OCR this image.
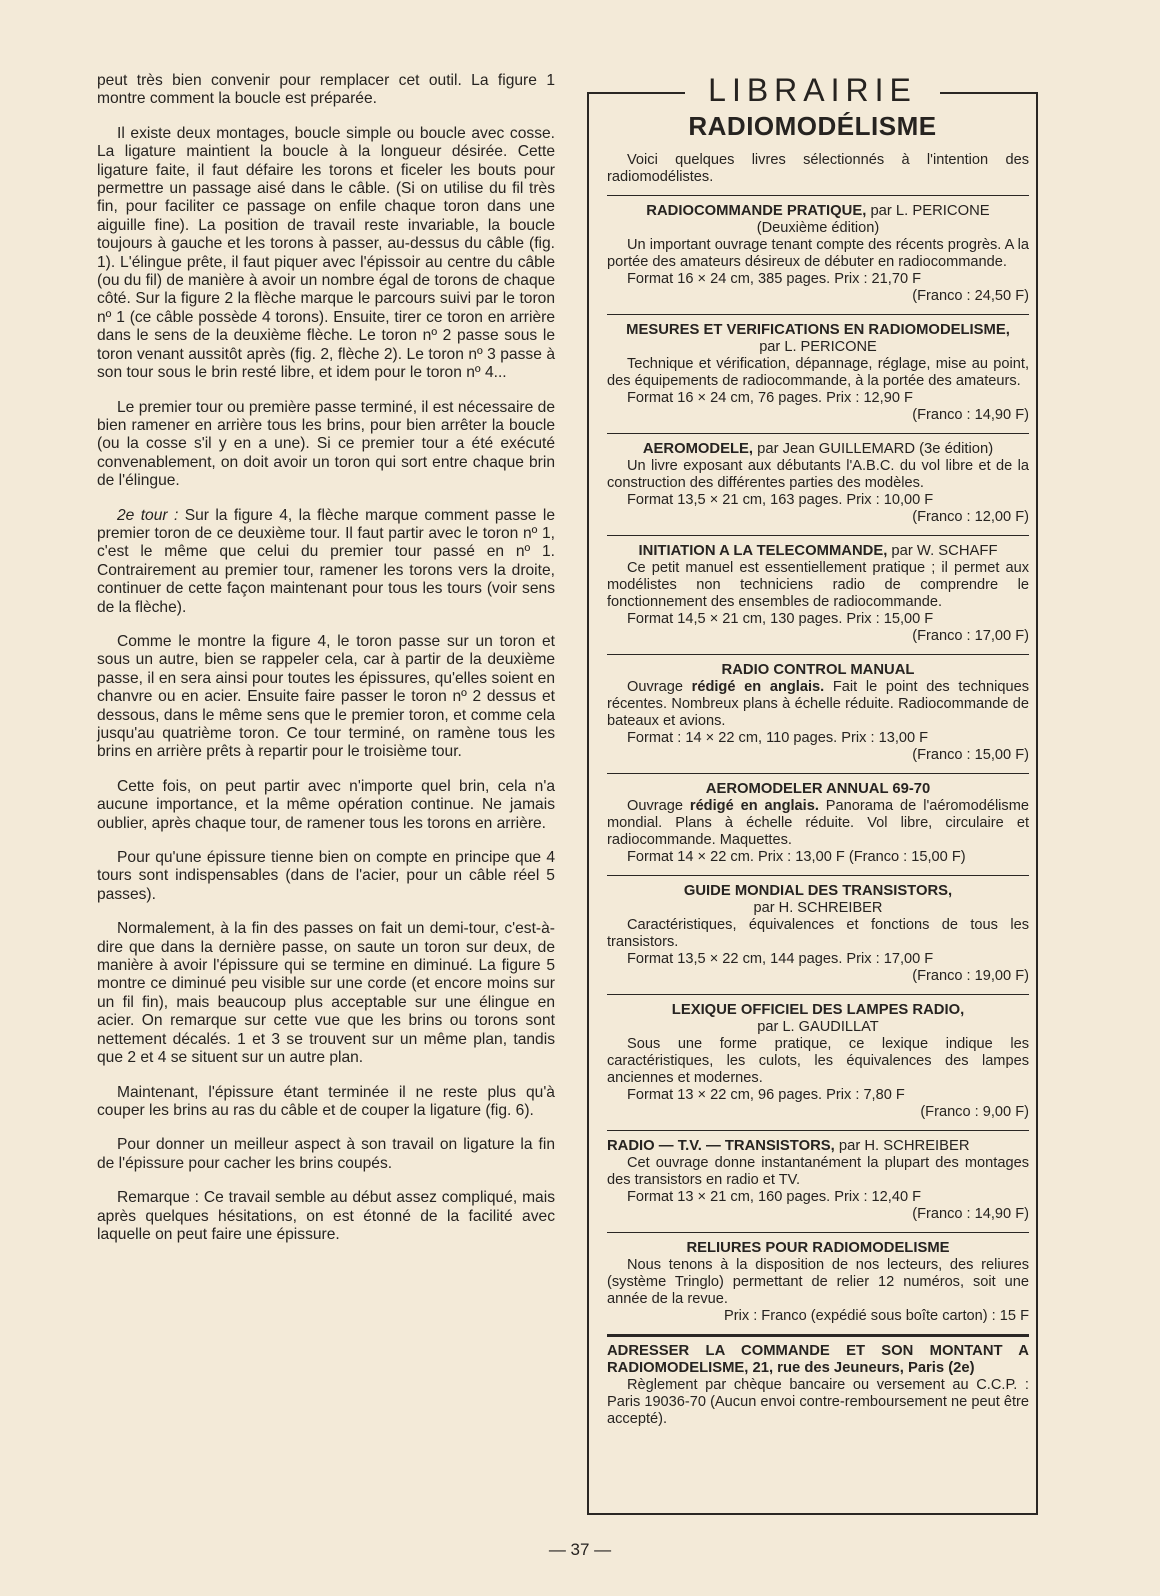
peut très bien convenir pour remplacer cet outil. La figure 1 montre comment la boucle est préparée.

Il existe deux montages, boucle simple ou boucle avec cosse. La ligature maintient la boucle à la longueur désirée. Cette ligature faite, il faut défaire les torons et ficeler les bouts pour permettre un passage aisé dans le câble. (Si on utilise du fil très fin, pour faciliter ce passage on enfile chaque toron dans une aiguille fine). La position de travail reste invariable, la boucle toujours à gauche et les torons à passer, au-dessus du câble (fig. 1). L'élingue prête, il faut piquer avec l'épissoir au centre du câble (ou du fil) de manière à avoir un nombre égal de torons de chaque côté. Sur la figure 2 la flèche marque le parcours suivi par le toron nº 1 (ce câble possède 4 torons). Ensuite, tirer ce toron en arrière dans le sens de la deuxième flèche. Le toron nº 2 passe sous le toron venant aussitôt après (fig. 2, flèche 2). Le toron nº 3 passe à son tour sous le brin resté libre, et idem pour le toron nº 4...

Le premier tour ou première passe terminé, il est nécessaire de bien ramener en arrière tous les brins, pour bien arrêter la boucle (ou la cosse s'il y en a une). Si ce premier tour a été exécuté convenablement, on doit avoir un toron qui sort entre chaque brin de l'élingue.

2e tour : Sur la figure 4, la flèche marque comment passe le premier toron de ce deuxième tour. Il faut partir avec le toron nº 1, c'est le même que celui du premier tour passé en nº 1. Contrairement au premier tour, ramener les torons vers la droite, continuer de cette façon maintenant pour tous les tours (voir sens de la flèche).

Comme le montre la figure 4, le toron passe sur un toron et sous un autre, bien se rappeler cela, car à partir de la deuxième passe, il en sera ainsi pour toutes les épissures, qu'elles soient en chanvre ou en acier. Ensuite faire passer le toron nº 2 dessus et dessous, dans le même sens que le premier toron, et comme cela jusqu'au quatrième toron. Ce tour terminé, on ramène tous les brins en arrière prêts à repartir pour le troisième tour.

Cette fois, on peut partir avec n'importe quel brin, cela n'a aucune importance, et la même opération continue. Ne jamais oublier, après chaque tour, de ramener tous les torons en arrière.

Pour qu'une épissure tienne bien on compte en principe que 4 tours sont indispensables (dans de l'acier, pour un câble réel 5 passes).

Normalement, à la fin des passes on fait un demi-tour, c'est-à-dire que dans la dernière passe, on saute un toron sur deux, de manière à avoir l'épissure qui se termine en diminué. La figure 5 montre ce diminué peu visible sur une corde (et encore moins sur un fil fin), mais beaucoup plus acceptable sur une élingue en acier. On remarque sur cette vue que les brins ou torons sont nettement décalés. 1 et 3 se trouvent sur un même plan, tandis que 2 et 4 se situent sur un autre plan.

Maintenant, l'épissure étant terminée il ne reste plus qu'à couper les brins au ras du câble et de couper la ligature (fig. 6).

Pour donner un meilleur aspect à son travail on ligature la fin de l'épissure pour cacher les brins coupés.

Remarque : Ce travail semble au début assez compliqué, mais après quelques hésitations, on est étonné de la facilité avec laquelle on peut faire une épissure.

LIBRAIRIE
RADIOMODÉLISME
Voici quelques livres sélectionnés à l'intention des radiomodélistes.
RADIOCOMMANDE PRATIQUE, par L. PERICONE
(Deuxième édition)
Un important ouvrage tenant compte des récents progrès. A la portée des amateurs désireux de débuter en radiocommande.
Format 16 × 24 cm, 385 pages. Prix : 21,70 F
(Franco : 24,50 F)
MESURES ET VERIFICATIONS EN RADIOMODELISME,
par L. PERICONE
Technique et vérification, dépannage, réglage, mise au point, des équipements de radiocommande, à la portée des amateurs.
Format 16 × 24 cm, 76 pages. Prix : 12,90 F
(Franco : 14,90 F)
AEROMODELE, par Jean GUILLEMARD (3e édition)
Un livre exposant aux débutants l'A.B.C. du vol libre et de la construction des différentes parties des modèles.
Format 13,5 × 21 cm, 163 pages. Prix : 10,00 F
(Franco : 12,00 F)
INITIATION A LA TELECOMMANDE, par W. SCHAFF
Ce petit manuel est essentiellement pratique ; il permet aux modélistes non techniciens radio de comprendre le fonctionnement des ensembles de radiocommande.
Format 14,5 × 21 cm, 130 pages. Prix : 15,00 F
(Franco : 17,00 F)
RADIO CONTROL MANUAL
Ouvrage rédigé en anglais. Fait le point des techniques récentes. Nombreux plans à échelle réduite. Radiocommande de bateaux et avions.
Format : 14 × 22 cm, 110 pages. Prix : 13,00 F
(Franco : 15,00 F)
AEROMODELER ANNUAL 69-70
Ouvrage rédigé en anglais. Panorama de l'aéromodélisme mondial. Plans à échelle réduite. Vol libre, circulaire et radiocommande. Maquettes.
Format 14 × 22 cm. Prix : 13,00 F (Franco : 15,00 F)
GUIDE MONDIAL DES TRANSISTORS,
par H. SCHREIBER
Caractéristiques, équivalences et fonctions de tous les transistors.
Format 13,5 × 22 cm, 144 pages. Prix : 17,00 F
(Franco : 19,00 F)
LEXIQUE OFFICIEL DES LAMPES RADIO,
par L. GAUDILLAT
Sous une forme pratique, ce lexique indique les caractéristiques, les culots, les équivalences des lampes anciennes et modernes.
Format 13 × 22 cm, 96 pages. Prix : 7,80 F
(Franco : 9,00 F)
RADIO — T.V. — TRANSISTORS, par H. SCHREIBER
Cet ouvrage donne instantanément la plupart des montages des transistors en radio et TV.
Format 13 × 21 cm, 160 pages. Prix : 12,40 F
(Franco : 14,90 F)
RELIURES POUR RADIOMODELISME
Nous tenons à la disposition de nos lecteurs, des reliures (système Tringlo) permettant de relier 12 numéros, soit une année de la revue.
Prix : Franco (expédié sous boîte carton) : 15 F
ADRESSER LA COMMANDE ET SON MONTANT A RADIOMODELISME, 21, rue des Jeuneurs, Paris (2e)
Règlement par chèque bancaire ou versement au C.C.P. : Paris 19036-70 (Aucun envoi contre-remboursement ne peut être accepté).
— 37 —
